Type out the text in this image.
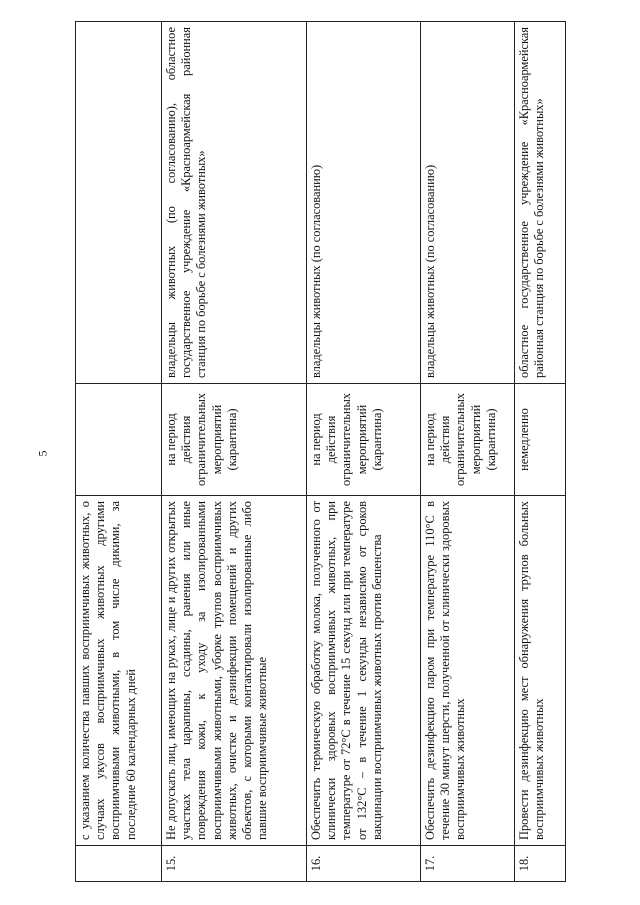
5
	с указанием количества павших восприимчивых животных, о случаях укусов восприимчивых животных другими восприимчивыми животными, в том числе дикими, за последние 60 календарных дней		
15.	Не допускать лиц, имеющих на руках, лице и других открытых участках тела царапины, ссадины, ранения или иные повреждения кожи, к уходу за изолированными восприимчивыми животными, уборке трупов восприимчивых животных, очистке и дезинфекции помещений и других объектов, с которыми контактировали изолированные либо павшие восприимчивые животные	на период действия ограничительных мероприятий (карантина)	владельцы животных (по согласованию), областное государственное учреждение «Красноармейская районная станция по борьбе с болезнями животных»
16.	Обеспечить термическую обработку молока, полученного от клинически здоровых восприимчивых животных, при температуре от 72°С в течение 15 секунд или при температуре от 132°С – в течение 1 секунды независимо от сроков вакцинации восприимчивых животных против бешенства	на период действия ограничительных мероприятий (карантина)	владельцы животных (по согласованию)
17.	Обеспечить дезинфекцию паром при температуре 110°С в течение 30 минут шерсти, полученной от клинически здоровых восприимчивых животных	на период действия ограничительных мероприятий (карантина)	владельцы животных (по согласованию)
18.	Провести дезинфекцию мест обнаружения трупов больных восприимчивых животных	немедленно	областное государственное учреждение «Красноармейская районная станция по борьбе с болезнями животных»
